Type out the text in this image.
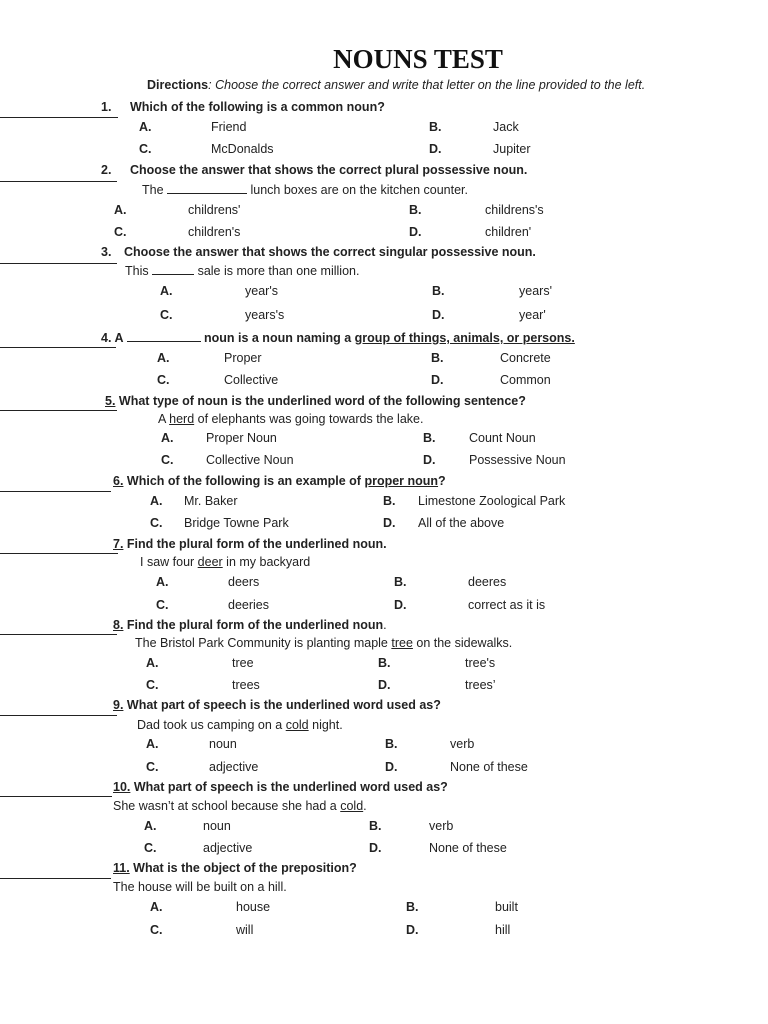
NOUNS TEST
Directions: Choose the correct answer and write that letter on the line provided to the left.
1. Which of the following is a common noun?
A.	Friend	B.	Jack
C.	McDonalds	D.	Jupiter
2. Choose the answer that shows the correct plural possessive noun.
The	lunch boxes are on the kitchen counter.
A.	childrens'	B.	childrens's
C.	children's	D.	children'
3. Choose the answer that shows the correct singular possessive noun.
This	sale is more than one million.
A.	year's	B.	years'
C.	years's	D.	year'
4. A	noun is a noun naming a group of things, animals, or persons.
A.	Proper	B.	Concrete
C.	Collective	D.	Common
5. What type of noun is the underlined word of the following sentence?
A herd of elephants was going towards the lake.
A.	Proper Noun	B.	Count Noun
C.	Collective Noun	D.	Possessive Noun
6. Which of the following is an example of proper noun?
A. Mr. Baker	B. Limestone Zoological Park
C. Bridge Towne Park	D. All of the above
7. Find the plural form of the underlined noun.
I saw four deer in my backyard
A.	deers	B.	deeres
C.	deeries	D.	correct as it is
8. Find the plural form of the underlined noun.
The Bristol Park Community is planting maple tree on the sidewalks.
A.	tree	B.	tree's
C.	trees	D.	trees’
9. What part of speech is the underlined word used as?
Dad took us camping on a cold night.
A.	noun	B.	verb
C.	adjective	D.	None of these
10. What part of speech is the underlined word used as?
She wasn’t at school because she had a cold.
A.	noun	B.	verb
C.	adjective	D.	None of these
11. What is the object of the preposition?
The house will be built on a hill.
A.	house	B.	built
C.	will	D.	hill
